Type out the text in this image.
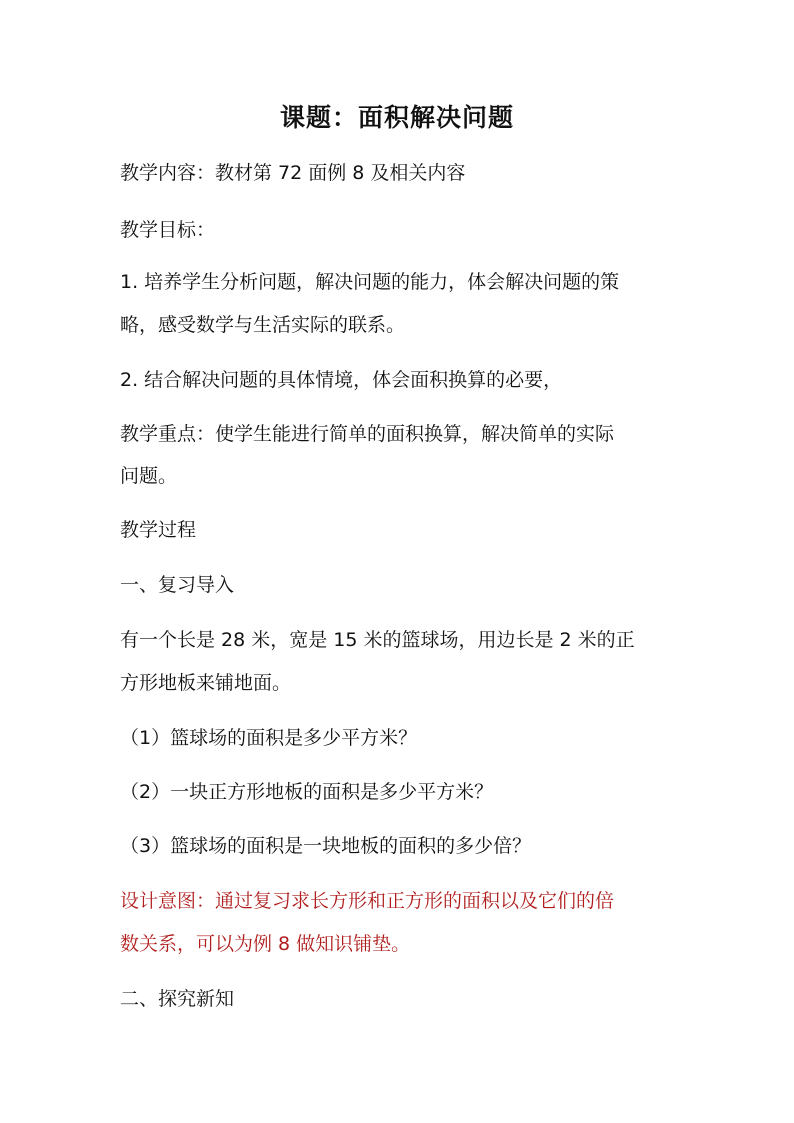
课题：面积解决问题
教学内容：教材第 72 面例 8 及相关内容
教学目标：
1. 培养学生分析问题，解决问题的能力，体会解决问题的策
略，感受数学与生活实际的联系。
2. 结合解决问题的具体情境，体会面积换算的必要，
教学重点：使学生能进行简单的面积换算，解决简单的实际
问题。
教学过程
一、复习导入
有一个长是 28 米，宽是 15 米的篮球场，用边长是 2 米的正
方形地板来铺地面。
（1）篮球场的面积是多少平方米？
（2）一块正方形地板的面积是多少平方米？
（3）篮球场的面积是一块地板的面积的多少倍？
设计意图：通过复习求长方形和正方形的面积以及它们的倍
数关系，可以为例 8 做知识铺垫。
二、探究新知
